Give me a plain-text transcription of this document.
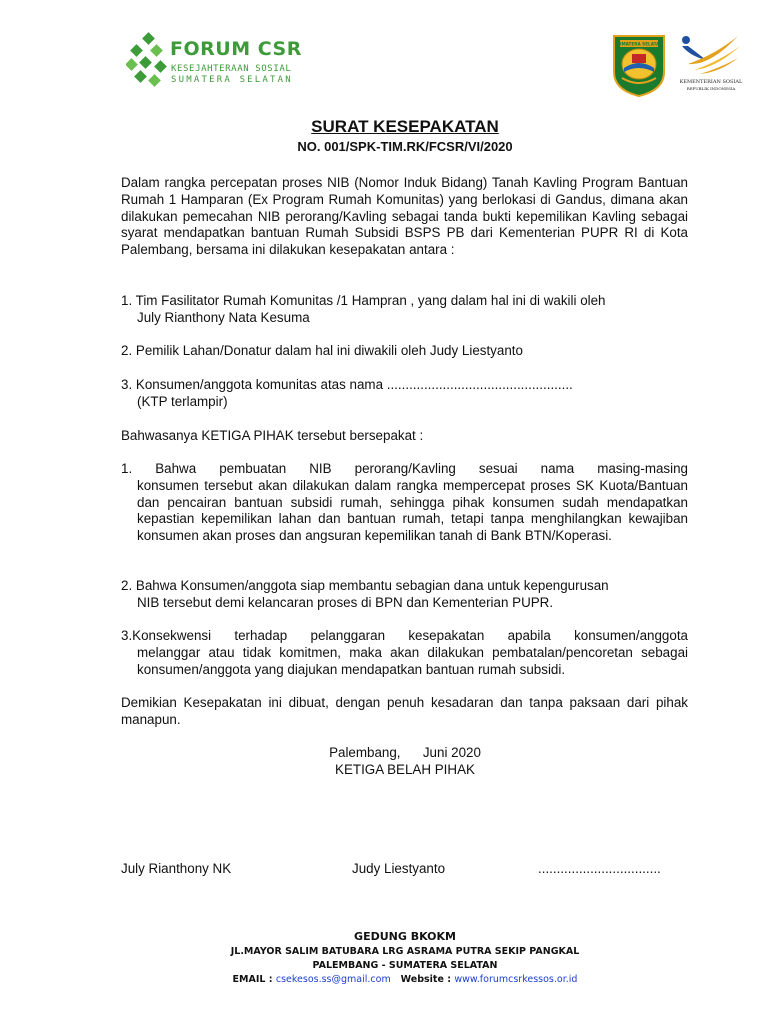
FORUM CSR
KESEJAHTERAAN SOSIAL
SUMATERA SELATAN
SUMATERA SELATAN
KEMENTERIAN SOSIAL
REPUBLIK INDONESIA
SURAT KESEPAKATAN
NO. 001/SPK-TIM.RK/FCSR/VI/2020
Dalam rangka percepatan proses NIB (Nomor Induk Bidang) Tanah Kavling Program Bantuan Rumah 1 Hamparan (Ex Program Rumah Komunitas) yang berlokasi di Gandus, dimana akan dilakukan pemecahan NIB perorang/Kavling sebagai tanda bukti kepemilikan Kavling sebagai syarat mendapatkan bantuan Rumah Subsidi BSPS PB dari Kementerian PUPR RI di Kota Palembang, bersama ini dilakukan kesepakatan antara :
1. Tim Fasilitator Rumah Komunitas /1 Hampran , yang dalam hal ini di wakili oleh
July Rianthony Nata Kesuma
2. Pemilik Lahan/Donatur dalam hal ini diwakili oleh Judy Liestyanto
3. Konsumen/anggota komunitas atas nama ..................................................
(KTP terlampir)
Bahwasanya KETIGA PIHAK tersebut bersepakat :
1. Bahwa pembuatan NIB perorang/Kavling sesuai nama masing-masing
konsumen tersebut akan dilakukan dalam rangka mempercepat proses SK Kuota/Bantuan dan pencairan bantuan subsidi rumah, sehingga pihak konsumen sudah mendapatkan kepastian kepemilikan lahan dan bantuan rumah, tetapi tanpa menghilangkan kewajiban konsumen akan proses dan angsuran kepemilikan tanah di Bank BTN/Koperasi.
2. Bahwa Konsumen/anggota siap membantu sebagian dana untuk kepengurusan
NIB tersebut demi kelancaran proses di BPN dan Kementerian PUPR.
3.Konsekwensi terhadap pelanggaran kesepakatan apabila konsumen/anggota
melanggar atau tidak komitmen, maka akan dilakukan pembatalan/pencoretan sebagai konsumen/anggota yang diajukan mendapatkan bantuan rumah subsidi.
Demikian Kesepakatan ini dibuat, dengan penuh kesadaran dan tanpa paksaan dari pihak manapun.
Palembang,      Juni 2020
KETIGA BELAH PIHAK
July Rianthony NK	Judy Liestyanto	.................................
GEDUNG BKOKM
JL.MAYOR SALIM BATUBARA LRG ASRAMA PUTRA SEKIP PANGKAL
PALEMBANG - SUMATERA SELATAN
EMAIL : csekesos.ss@gmail.com Website : www.forumcsrkessos.or.id
